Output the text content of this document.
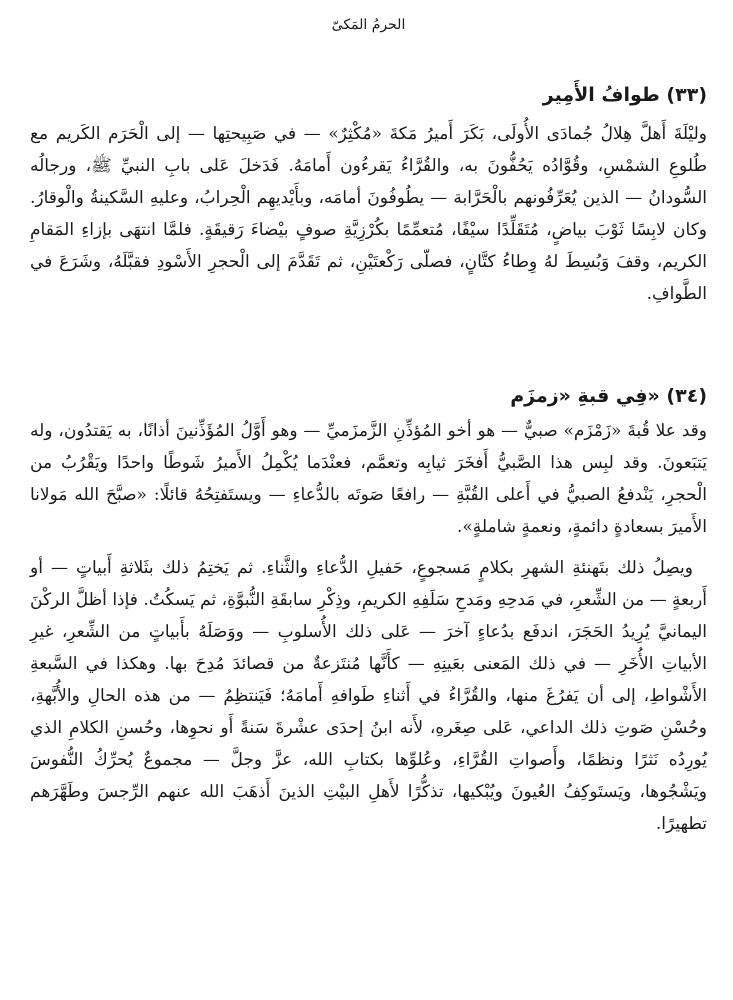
الحرمُ المَكىّ
(٣٣) طوافُ الأَمِير

وليْلَةَ أَهلَّ هِلالُ جُمادَى الأُولَى، بَكَرَ أَميرُ مَكةَ «مُكْثِرٌ» — في صَبِيحتِها — إلى الْحَرَم الكَريم مع طُلوعِ الشمْسِ، وقُوَّادُه يَحُفُّونَ به، والقُرَّاءُ يَقرءُون أَمامَهُ. فَدَخلَ عَلى بابِ النبيِّ ﷺ، ورجالُه السُّودانُ — الذين يُعَرِّفُونهم بالْحَرَّابة — يطُوفُونَ أمامَه، وبأَيْديهِم الْحِرابُ، وعليهِ السَّكينةُ والْوقارُ. وكان لابِسًا ثَوْبَ بياضٍ، مُتَقَلِّدًا سيْفًا، مُتعمِّمًا بكُرْزِيَّةِ صوفٍ بيْضاءَ رَقيقَةٍ. فلمَّا انتهَى بإزاءِ المَقامِ الكريم، وقفَ وَبُسِطَ لهُ وِطاءُ كتَّانٍ، فصلّى رَكْعتَيْنِ، ثم تَقَدَّمَ إلى الْحجرِ الأَسْودِ فقبَّلَهُ، وشَرَعَ في الطَّوافِ.

(٣٤) «فِي قبةِ «زمزَم

وقد علا قُبةَ «زَمْزَم» صبيٌّ — هو أخو المُؤذِّنِ الزَّمزَميِّ — وهو أَوَّلُ المُؤَذِّنينَ أذانًا، به يَقتدُون، وله يَتبَعونَ. وقد لبِس هذا الصَّبيُّ أَفخَرَ ثيابِه وتعمَّم، فعنْدَما يُكْمِلُ الأَميرُ شَوطًا واحدًا ويَقْرُبُ من الْحجرِ، يَنْدفعُ الصبيُّ في أَعلى القُبَّةِ — رافعًا صَوتَه بالدُّعاءِ — ويستَفتِحُهُ قائلًا: «صبَّحَ الله مَولانا الأَميرَ بسعادةٍ دائمةٍ، ونعمةٍ شاملةٍ».

ويصِلُ ذلك بتَهنئةِ الشهرِ بكلامٍ مَسجوعٍ، حَفيلِ الدُّعاءِ والثَّناءِ. ثم يَختِمُ ذلك بثَلاثةِ أَبياتٍ — أو أَربعةٍ — من الشِّعرِ، في مَدحِهِ ومَدحِ سَلَفِهِ الكريمِ، وذِكْرِ سابقَةِ النُّبوَّةِ، ثم يَسكُتُ. فإذا أظلَّ الركْنَ اليمانيَّ يُرِيدُ الحَجَرَ، اندفَع بدُعاءٍ آخرَ — عَلى ذلك الأُسلوبِ — ووَصَلَهُ بأَبياتٍ من الشِّعرِ، غيرِ الأبياتِ الأُخَرِ — في ذلك المَعنى بعَينِهِ — كأَنَّها مُنتَزعةٌ من قصائدَ مُدِحَ بها. وهكذا في السَّبعةِ الأَشْواطِ، إلى أن يَفرُغَ منها، والقُرَّاءُ في أَثناءِ طَوافهِ أَمامَهُ؛ فَيَنتظِمُ — من هذه الحالِ والأُبَّهةِ، وحُسْنِ صَوتِ ذلك الداعي، عَلى صِغَرهِ، لأَنه ابنُ إحدَى عشْرةَ سَنةً أَو نحوِها، وحُسنِ الكلامِ الذي يُورِدُه نَثرًا ونظمًا، وأَصواتِ القُرَّاءِ، وعُلوِّها بكتابِ الله، عزَّ وجلَّ — مجموعٌ يُحرِّكُ النُّفوسَ ويَشْجُوها، ويَستَوكِفُ العُيونَ ويُبْكيها، تذكُّرًا لأَهلِ البيْتِ الذينَ أَذهَبَ الله عنهم الرِّجسَ وطَهَّرَهم تطهيرًا.
